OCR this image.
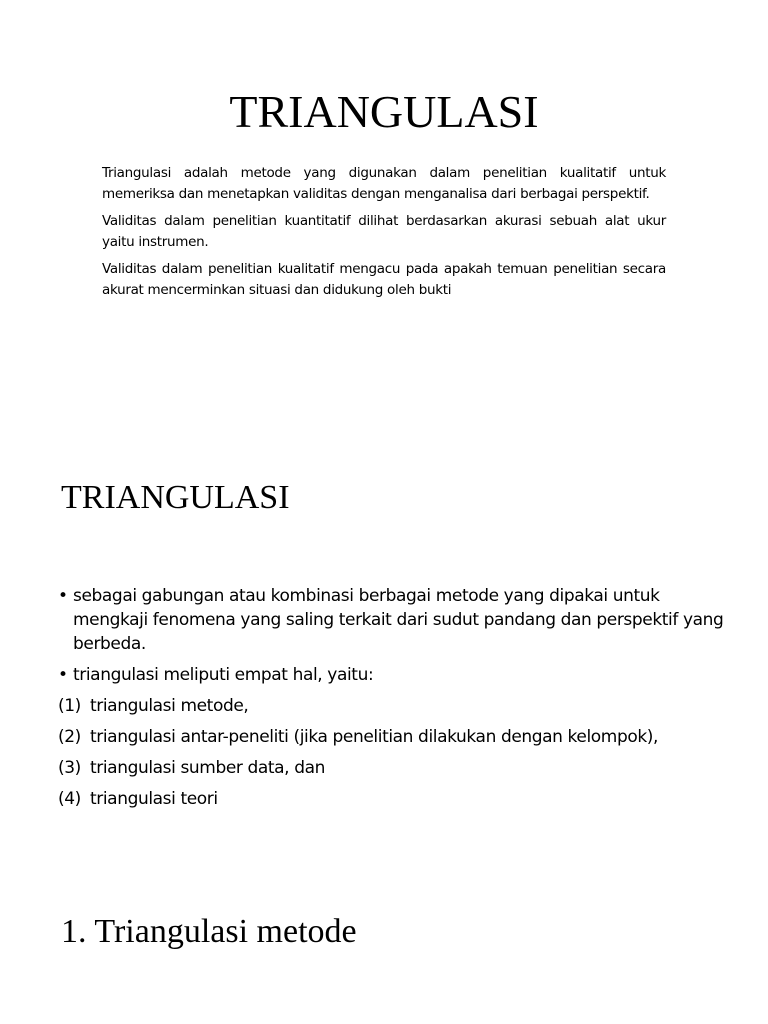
TRIANGULASI

Triangulasi adalah metode yang digunakan dalam penelitian kualitatif untuk memeriksa dan menetapkan validitas dengan menganalisa dari berbagai perspektif.

Validitas dalam penelitian kuantitatif dilihat berdasarkan akurasi sebuah alat ukur yaitu instrumen.

Validitas dalam penelitian kualitatif mengacu pada apakah temuan penelitian secara akurat mencerminkan situasi dan didukung oleh bukti

TRIANGULASI
• sebagai gabungan atau kombinasi berbagai metode yang dipakai untuk mengkaji fenomena yang saling terkait dari sudut pandang dan perspektif yang berbeda.
• triangulasi meliputi empat hal, yaitu:
(1) triangulasi metode,
(2) triangulasi antar-peneliti (jika penelitian dilakukan dengan kelompok),
(3) triangulasi sumber data, dan
(4) triangulasi teori
1. Triangulasi metode
